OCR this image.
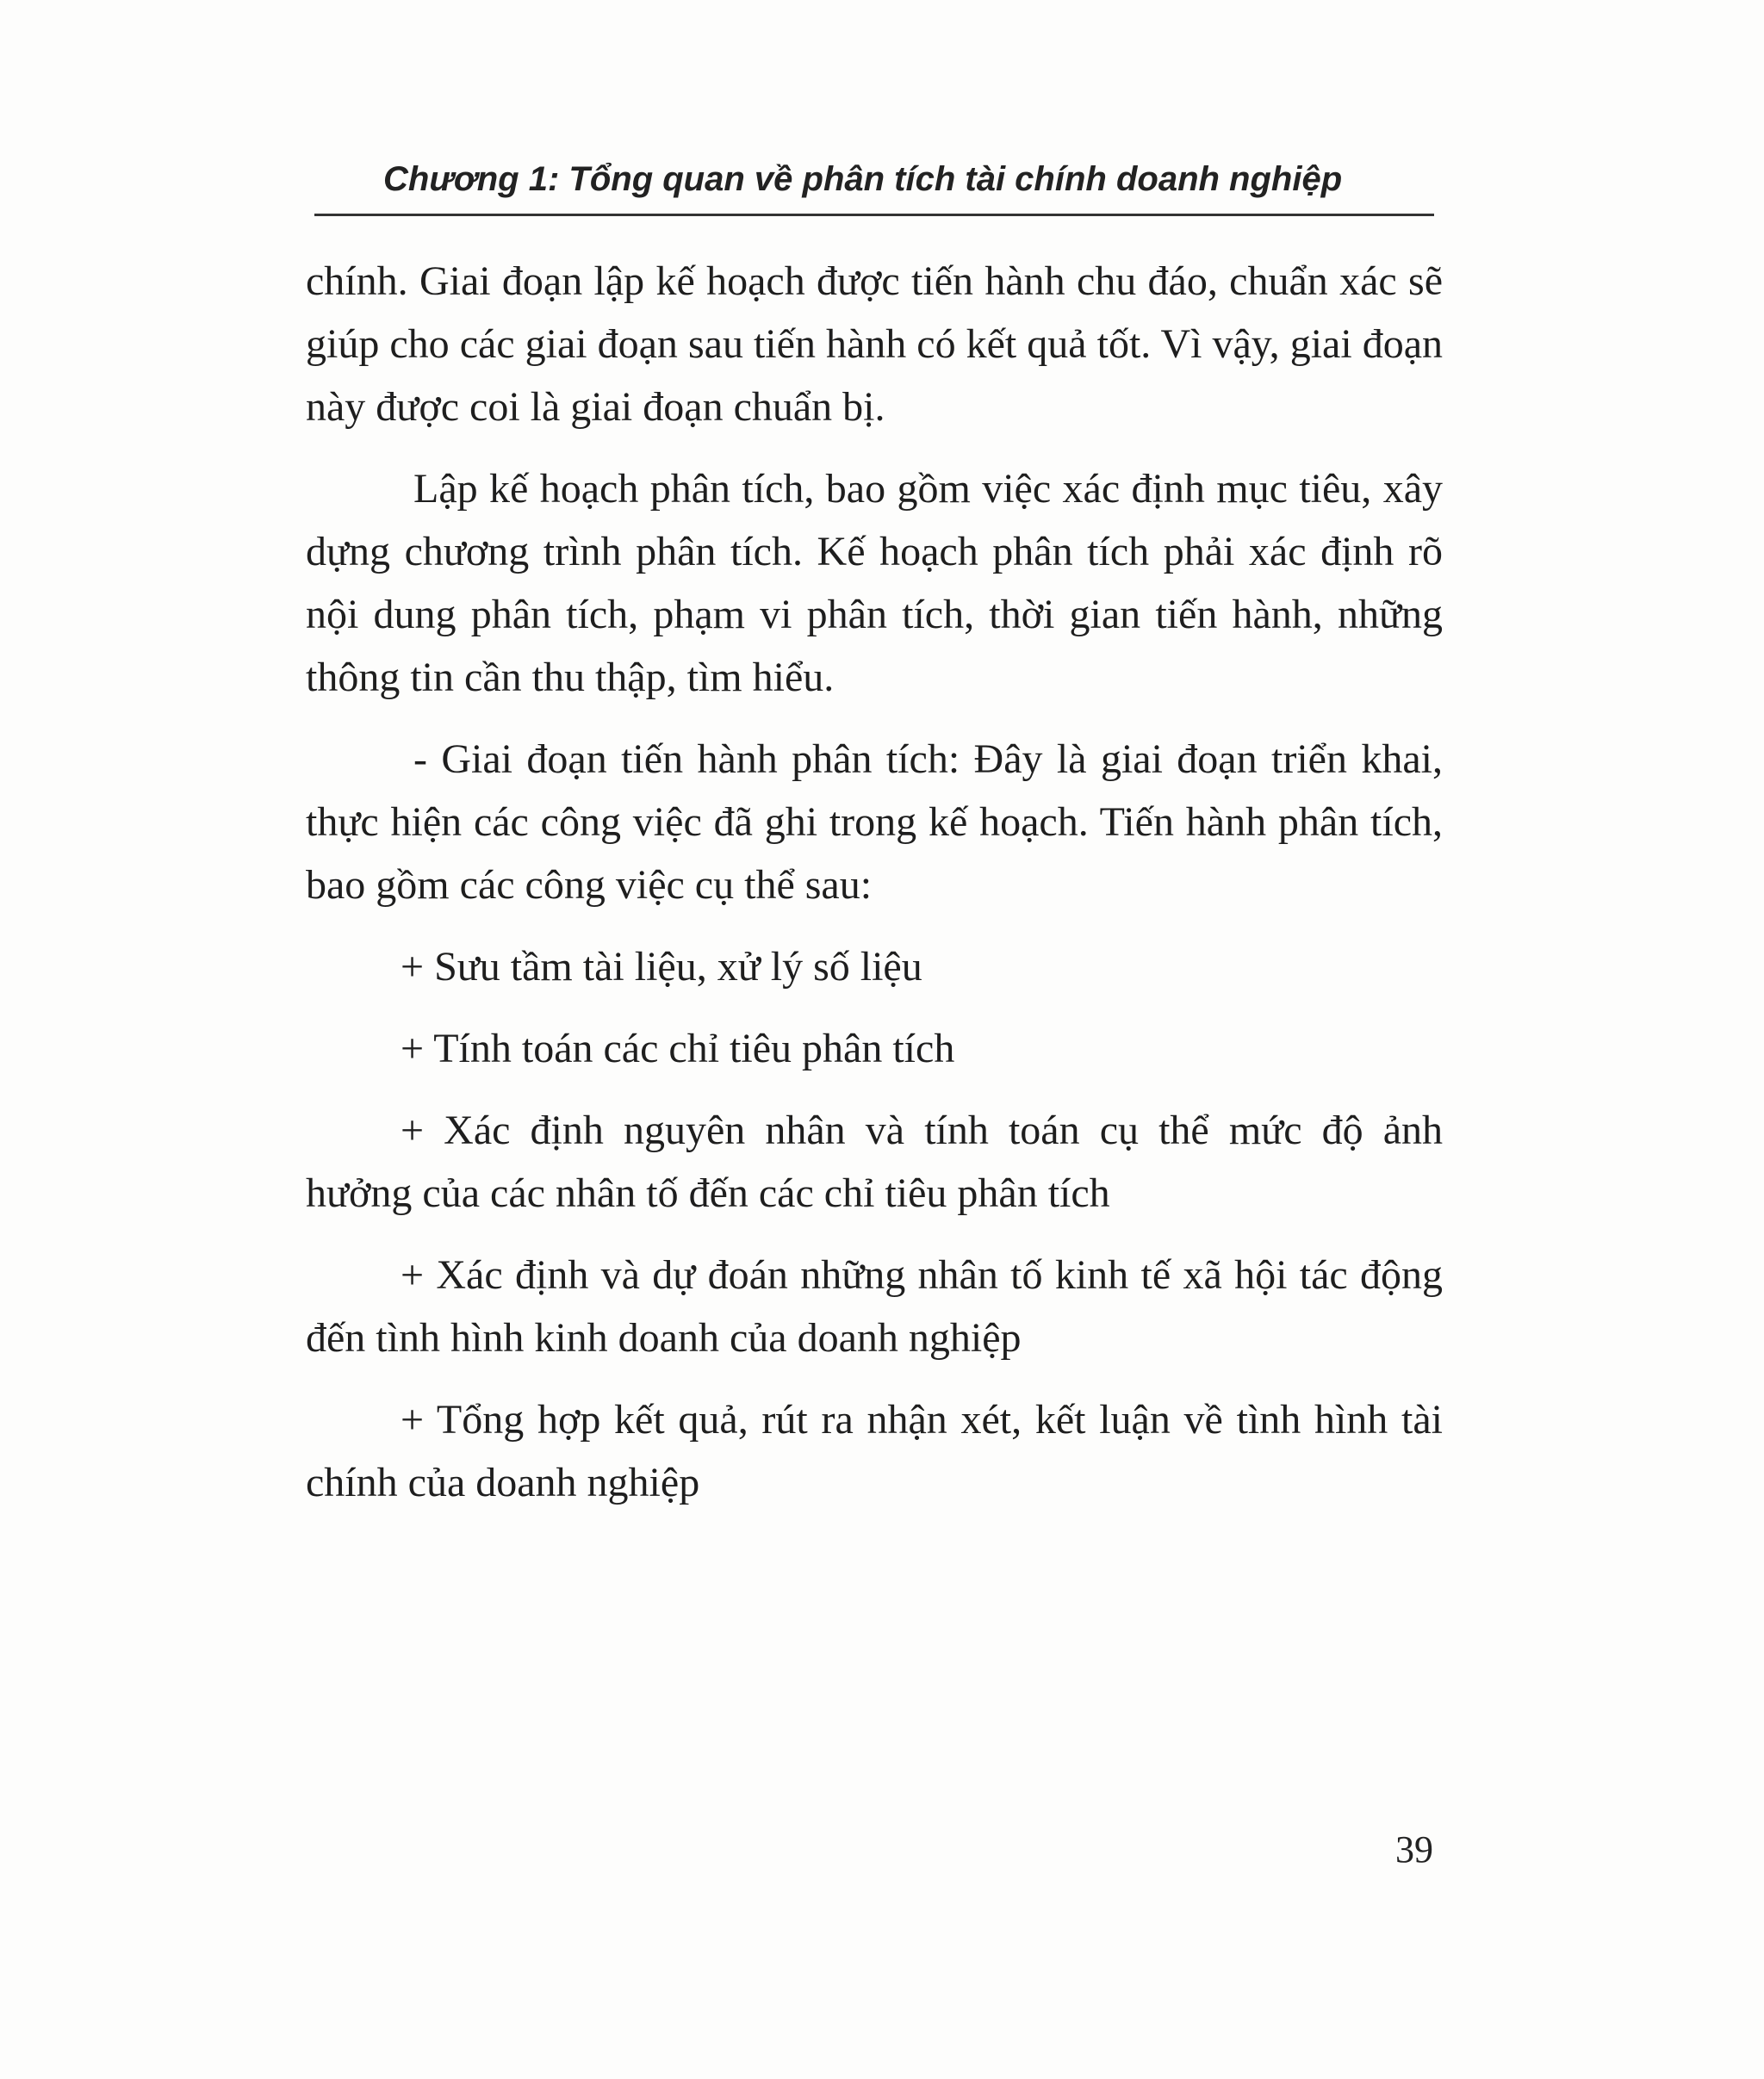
Chương 1: Tổng quan về phân tích tài chính doanh nghiệp

chính. Giai đoạn lập kế hoạch được tiến hành chu đáo, chuẩn xác sẽ giúp cho các giai đoạn sau tiến hành có kết quả tốt. Vì vậy, giai đoạn này được coi là giai đoạn chuẩn bị.

Lập kế hoạch phân tích, bao gồm việc xác định mục tiêu, xây dựng chương trình phân tích. Kế hoạch phân tích phải xác định rõ nội dung phân tích, phạm vi phân tích, thời gian tiến hành, những thông tin cần thu thập, tìm hiểu.

- Giai đoạn tiến hành phân tích: Đây là giai đoạn triển khai, thực hiện các công việc đã ghi trong kế hoạch. Tiến hành phân tích, bao gồm các công việc cụ thể sau:

+ Sưu tầm tài liệu, xử lý số liệu

+ Tính toán các chỉ tiêu phân tích

+ Xác định nguyên nhân và tính toán cụ thể mức độ ảnh hưởng của các nhân tố đến các chỉ tiêu phân tích

+ Xác định và dự đoán những nhân tố kinh tế xã hội tác động đến tình hình kinh doanh của doanh nghiệp

+ Tổng hợp kết quả, rút ra nhận xét, kết luận về tình hình tài chính của doanh nghiệp

39
